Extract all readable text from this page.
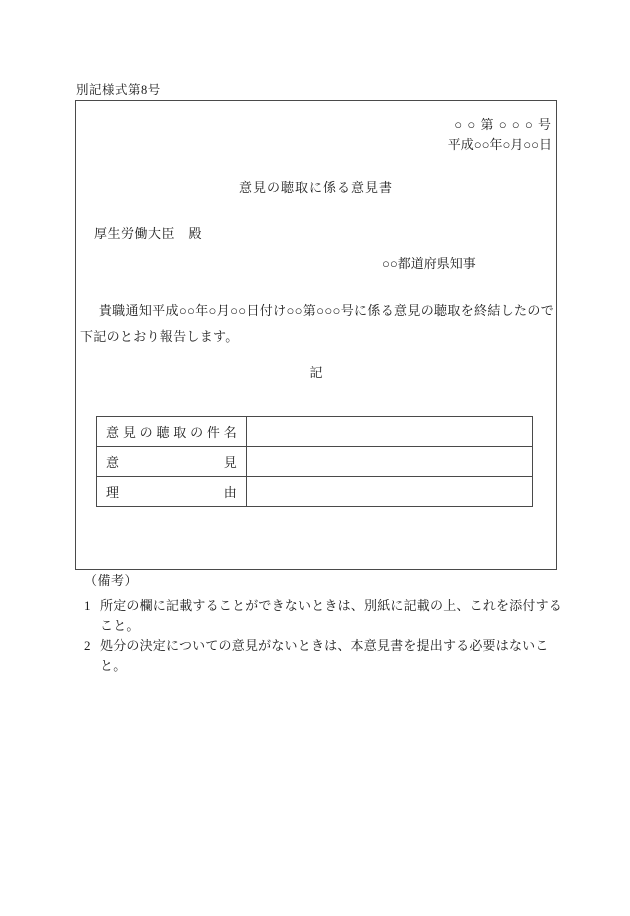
別記様式第8号
○ ○ 第 ○ ○ ○ 号
平成○○年○月○○日
意見の聴取に係る意見書
厚生労働大臣　殿
○○都道府県知事
貴職通知平成○○年○月○○日付け○○第○○○号に係る意見の聴取を終結したので下記のとおり報告します。
記
意見の聴取の件名	
意見	
理由	
（備考）
1 所定の欄に記載することができないときは、別紙に記載の上、これを添付すること。
2 処分の決定についての意見がないときは、本意見書を提出する必要はないこと。
